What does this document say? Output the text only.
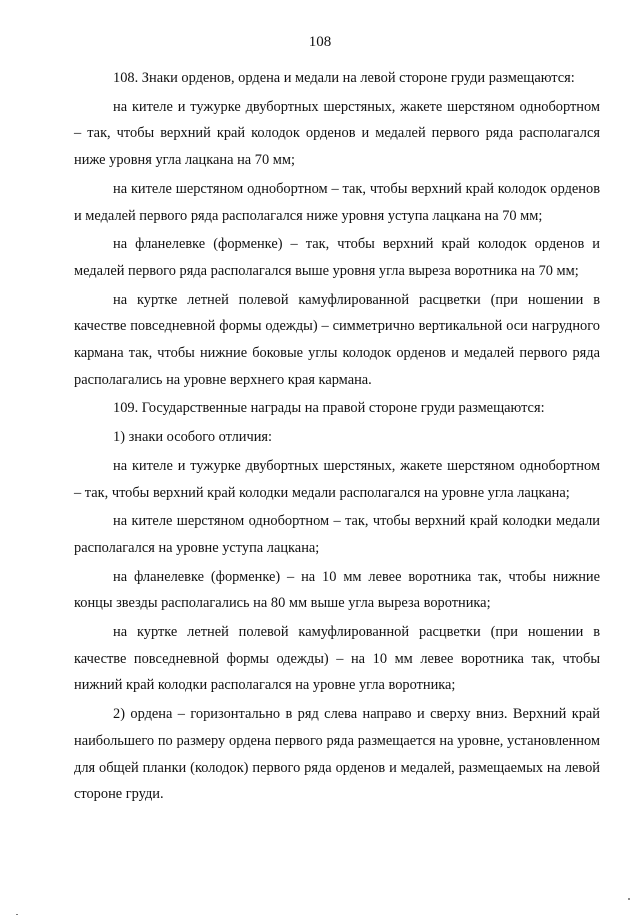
108

108. Знаки орденов, ордена и медали на левой стороне груди размещаются:

на кителе и тужурке двубортных шерстяных, жакете шерстяном однобортном – так, чтобы верхний край колодок орденов и медалей первого ряда располагался ниже уровня угла лацкана на 70 мм;

на кителе шерстяном однобортном – так, чтобы верхний край колодок орденов и медалей первого ряда располагался ниже уровня уступа лацкана на 70 мм;

на фланелевке (форменке) – так, чтобы верхний край колодок орденов и медалей первого ряда располагался выше уровня угла выреза воротника на 70 мм;

на куртке летней полевой камуфлированной расцветки (при ношении в качестве повседневной формы одежды) – симметрично вертикальной оси нагрудного кармана так, чтобы нижние боковые углы колодок орденов и медалей первого ряда располагались на уровне верхнего края кармана.

109. Государственные награды на правой стороне груди размещаются:

1) знаки особого отличия:

на кителе и тужурке двубортных шерстяных, жакете шерстяном однобортном – так, чтобы верхний край колодки медали располагался на уровне угла лацкана;

на кителе шерстяном однобортном – так, чтобы верхний край колодки медали располагался на уровне уступа лацкана;

на фланелевке (форменке) – на 10 мм левее воротника так, чтобы нижние концы звезды располагались на 80 мм выше угла выреза воротника;

на куртке летней полевой камуфлированной расцветки (при ношении в качестве повседневной формы одежды) – на 10 мм левее воротника так, чтобы нижний край колодки располагался на уровне угла воротника;

2) ордена – горизонтально в ряд слева направо и сверху вниз. Верхний край наибольшего по размеру ордена первого ряда размещается на уровне, установленном для общей планки (колодок) первого ряда орденов и медалей, размещаемых на левой стороне груди.
